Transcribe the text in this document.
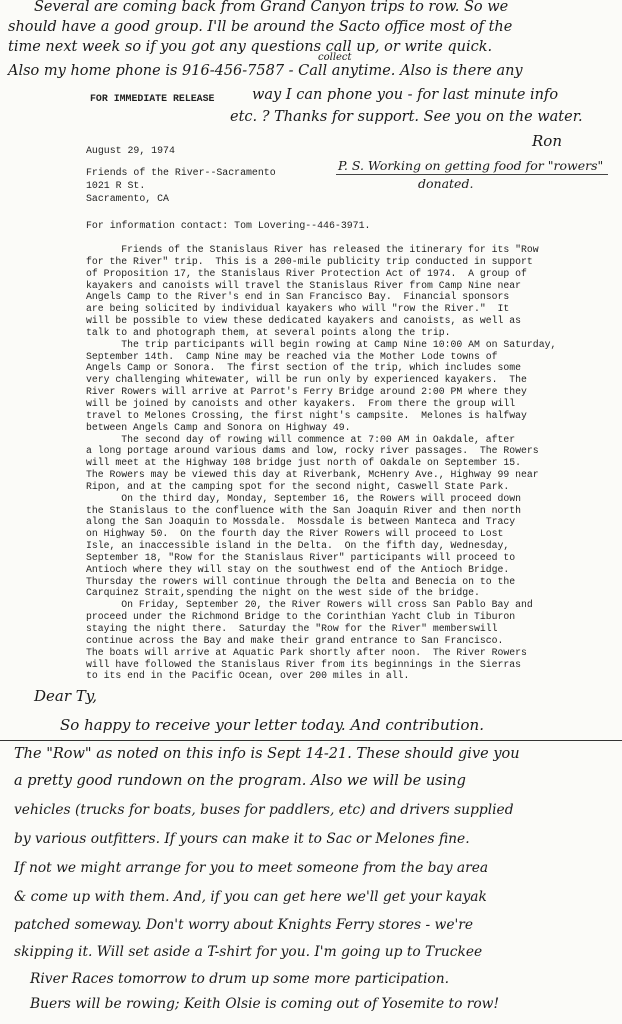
Several are coming back from Grand Canyon trips to row. So we
should have a good group. I'll be around the Sacto office most of the
time next week so if you got any questions call up, or write quick.
collect
Also my home phone is 916-456-7587 - Call anytime. Also is there any
FOR IMMEDIATE RELEASE	way I can phone you - for last minute info
etc. ? Thanks for support. See you on the water.
Ron
August 29, 1974
P. S. Working on getting food for "rowers"
donated.
Friends of the River--Sacramento
1021 R St.
Sacramento, CA
For information contact: Tom Lovering--446-3971.
Friends of the Stanislaus River has released the itinerary for its "Row
for the River" trip.  This is a 200-mile publicity trip conducted in support
of Proposition 17, the Stanislaus River Protection Act of 1974.  A group of
kayakers and canoists will travel the Stanislaus River from Camp Nine near
Angels Camp to the River's end in San Francisco Bay.  Financial sponsors
are being solicited by individual kayakers who will "row the River."  It
will be possible to view these dedicated kayakers and canoists, as well as
talk to and photograph them, at several points along the trip.
The trip participants will begin rowing at Camp Nine 10:00 AM on Saturday,
September 14th.  Camp Nine may be reached via the Mother Lode towns of
Angels Camp or Sonora.  The first section of the trip, which includes some
very challenging whitewater, will be run only by experienced kayakers.  The
River Rowers will arrive at Parrot's Ferry Bridge around 2:00 PM where they
will be joined by canoists and other kayakers.  From there the group will
travel to Melones Crossing, the first night's campsite.  Melones is halfway
between Angels Camp and Sonora on Highway 49.
The second day of rowing will commence at 7:00 AM in Oakdale, after
a long portage around various dams and low, rocky river passages.  The Rowers
will meet at the Highway 108 bridge just north of Oakdale on September 15.
The Rowers may be viewed this day at Riverbank, McHenry Ave., Highway 99 near
Ripon, and at the camping spot for the second night, Caswell State Park.
On the third day, Monday, September 16, the Rowers will proceed down
the Stanislaus to the confluence with the San Joaquin River and then north
along the San Joaquin to Mossdale.  Mossdale is between Manteca and Tracy
on Highway 50.  On the fourth day the River Rowers will proceed to Lost
Isle, an inaccessible island in the Delta.  On the fifth day, Wednesday,
September 18, "Row for the Stanislaus River" participants will proceed to
Antioch where they will stay on the southwest end of the Antioch Bridge.
Thursday the rowers will continue through the Delta and Benecia on to the
Carquinez Strait,spending the night on the west side of the bridge.
On Friday, September 20, the River Rowers will cross San Pablo Bay and
proceed under the Richmond Bridge to the Corinthian Yacht Club in Tiburon
staying the night there.  Saturday the "Row for the River" memberswill
continue across the Bay and make their grand entrance to San Francisco.
The boats will arrive at Aquatic Park shortly after noon.  The River Rowers
will have followed the Stanislaus River from its beginnings in the Sierras
to its end in the Pacific Ocean, over 200 miles in all.
Dear Ty,
So happy to receive your letter today. And contribution.
The "Row" as noted on this info is Sept 14-21. These should give you
a pretty good rundown on the program. Also we will be using
vehicles (trucks for boats, buses for paddlers, etc) and drivers supplied
by various outfitters. If yours can make it to Sac or Melones fine.
If not we might arrange for you to meet someone from the bay area
& come up with them. And, if you can get here we'll get your kayak
patched someway. Don't worry about Knights Ferry stores - we're
skipping it. Will set aside a T-shirt for you. I'm going up to Truckee
River Races tomorrow to drum up some more participation.
Buers will be rowing; Keith Olsie is coming out of Yosemite to row!
